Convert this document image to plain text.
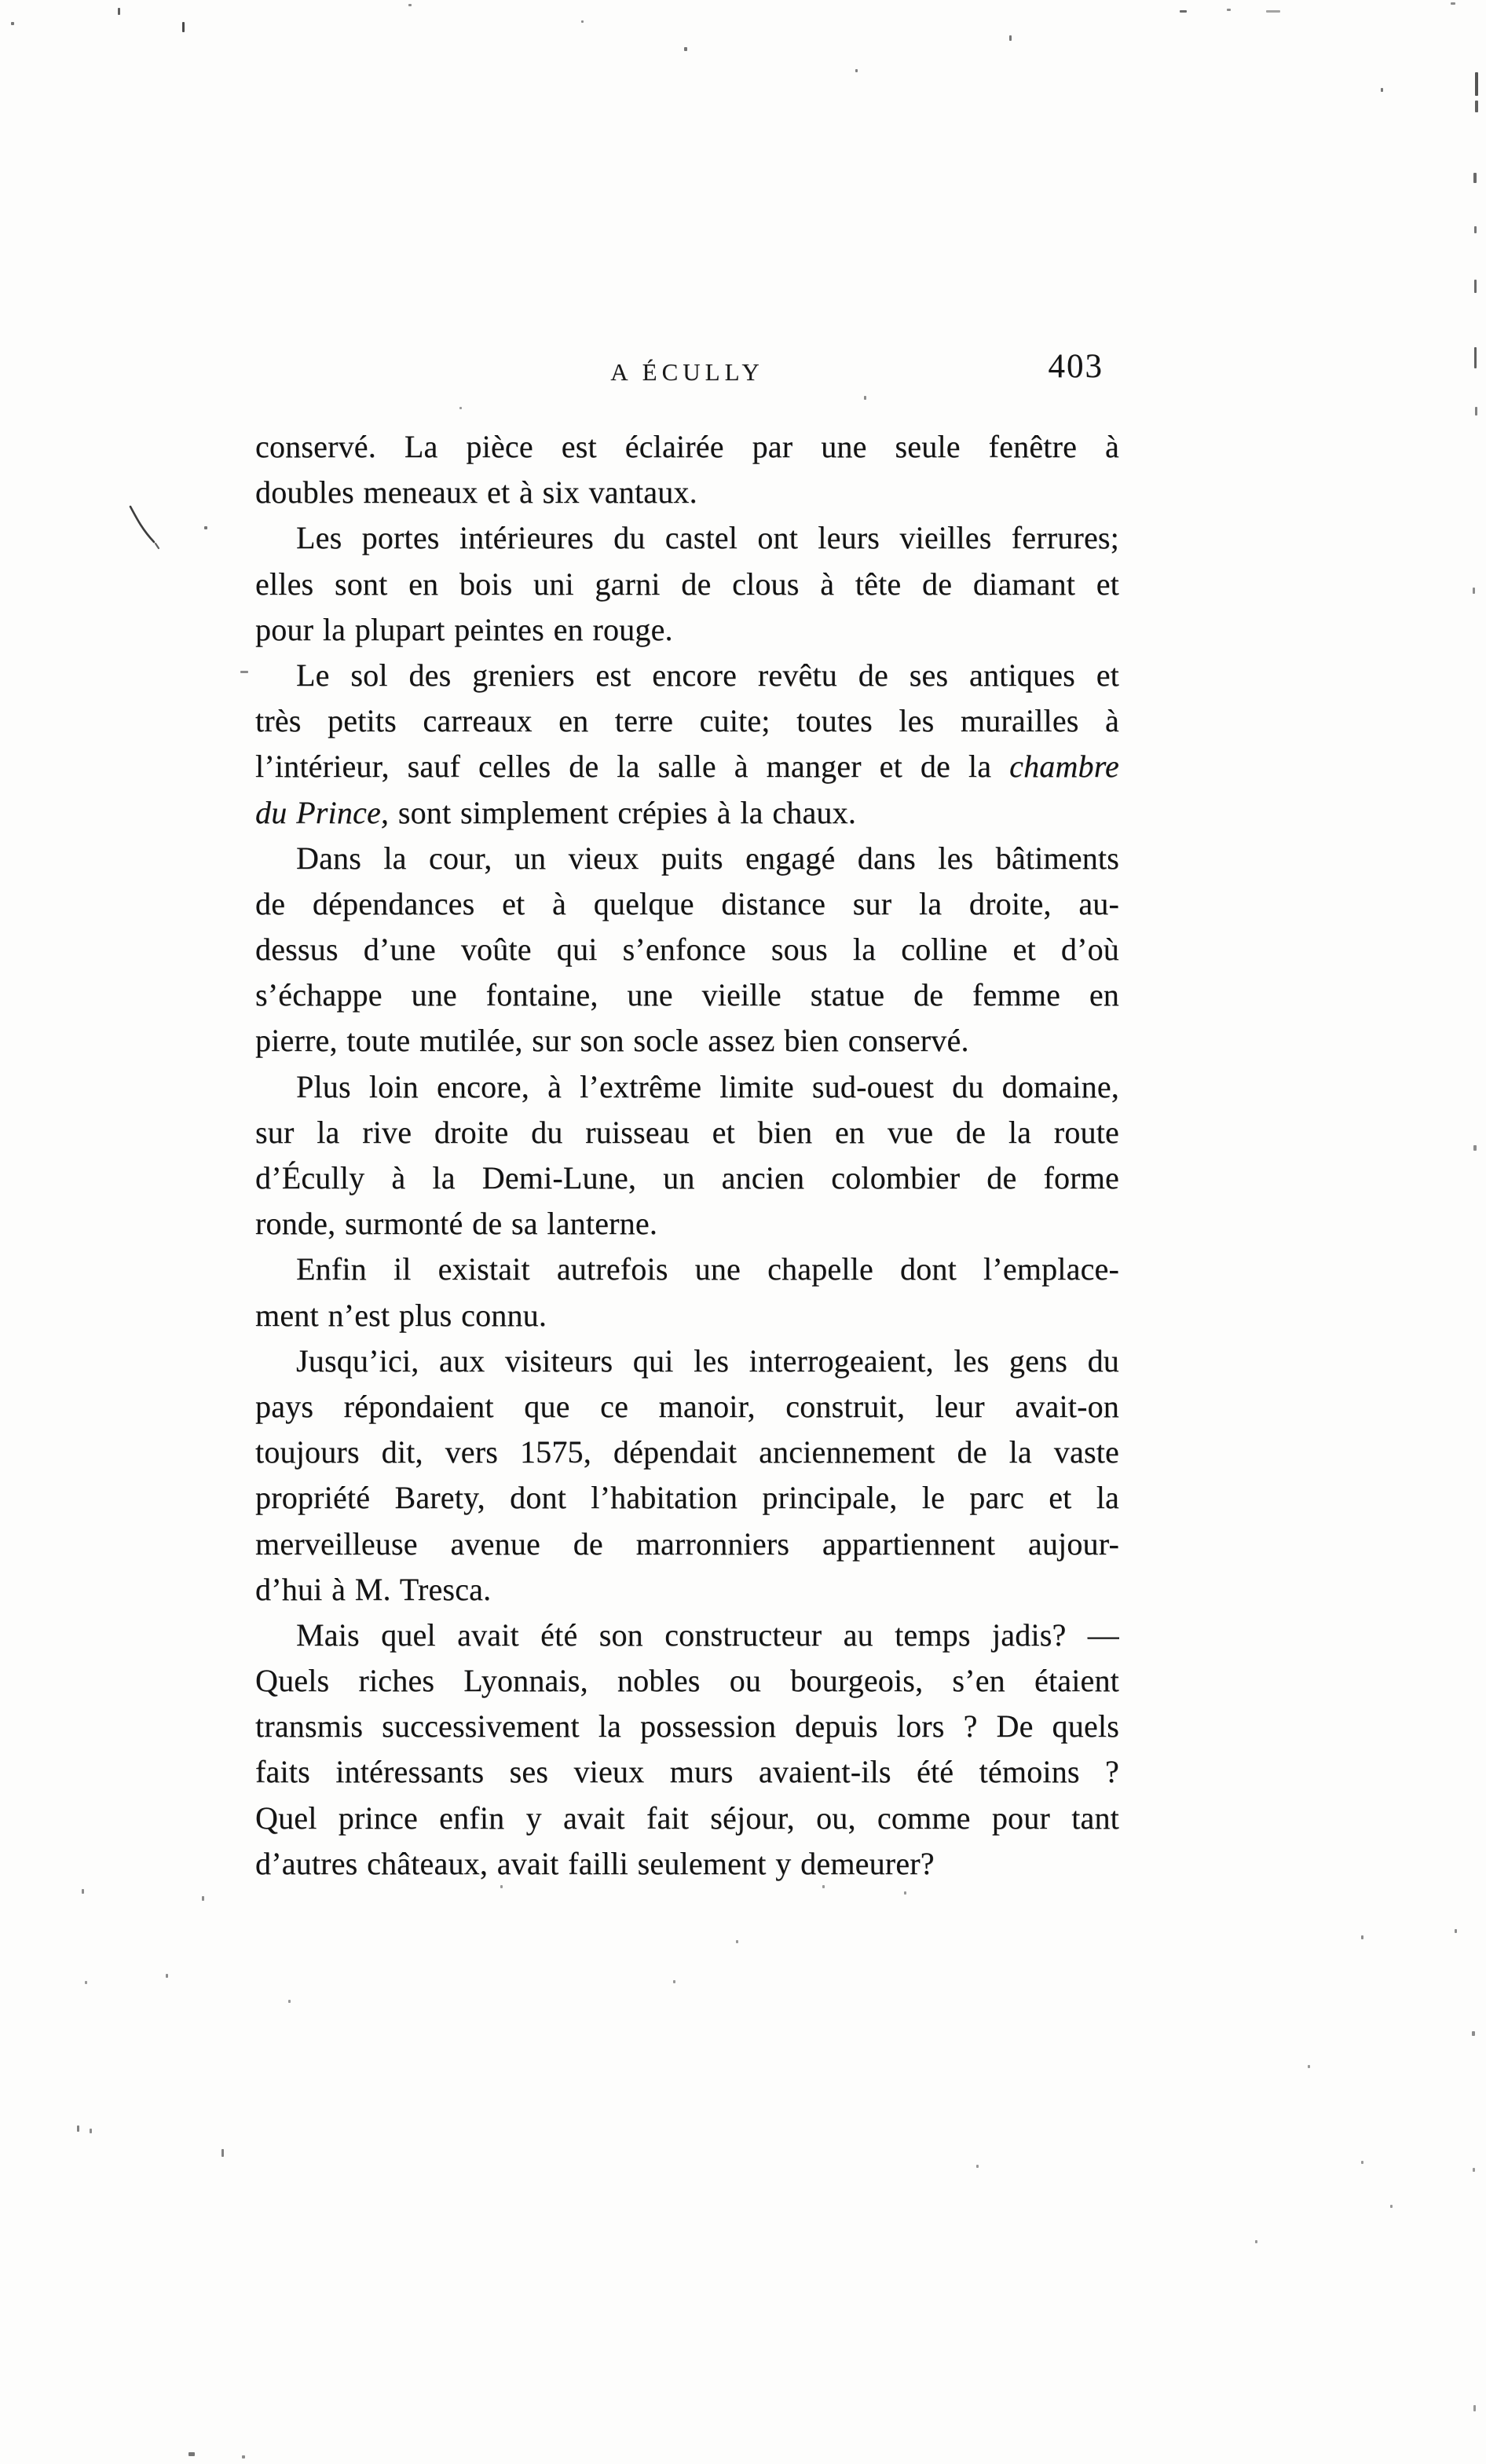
A ÉCULLY	403
conservé. La pièce est éclairée par une seule fenêtre à
doubles meneaux et à six vantaux.
Les portes intérieures du castel ont leurs vieilles ferrures;
elles sont en bois uni garni de clous à tête de diamant et
pour la plupart peintes en rouge.
Le sol des greniers est encore revêtu de ses antiques et
très petits carreaux en terre cuite; toutes les murailles à
l’intérieur, sauf celles de la salle à manger et de la chambre
du Prince, sont simplement crépies à la chaux.
Dans la cour, un vieux puits engagé dans les bâtiments
de dépendances et à quelque distance sur la droite, au-
dessus d’une voûte qui s’enfonce sous la colline et d’où
s’échappe une fontaine, une vieille statue de femme en
pierre, toute mutilée, sur son socle assez bien conservé.
Plus loin encore, à l’extrême limite sud-ouest du domaine,
sur la rive droite du ruisseau et bien en vue de la route
d’Écully à la Demi-Lune, un ancien colombier de forme
ronde, surmonté de sa lanterne.
Enfin il existait autrefois une chapelle dont l’emplace-
ment n’est plus connu.
Jusqu’ici, aux visiteurs qui les interrogeaient, les gens du
pays répondaient que ce manoir, construit, leur avait-on
toujours dit, vers 1575, dépendait anciennement de la vaste
propriété Barety, dont l’habitation principale, le parc et la
merveilleuse avenue de marronniers appartiennent aujour-
d’hui à M. Tresca.
Mais quel avait été son constructeur au temps jadis? —
Quels riches Lyonnais, nobles ou bourgeois, s’en étaient
transmis successivement la possession depuis lors ? De quels
faits intéressants ses vieux murs avaient-ils été témoins ?
Quel prince enfin y avait fait séjour, ou, comme pour tant
d’autres châteaux, avait failli seulement y demeurer?
